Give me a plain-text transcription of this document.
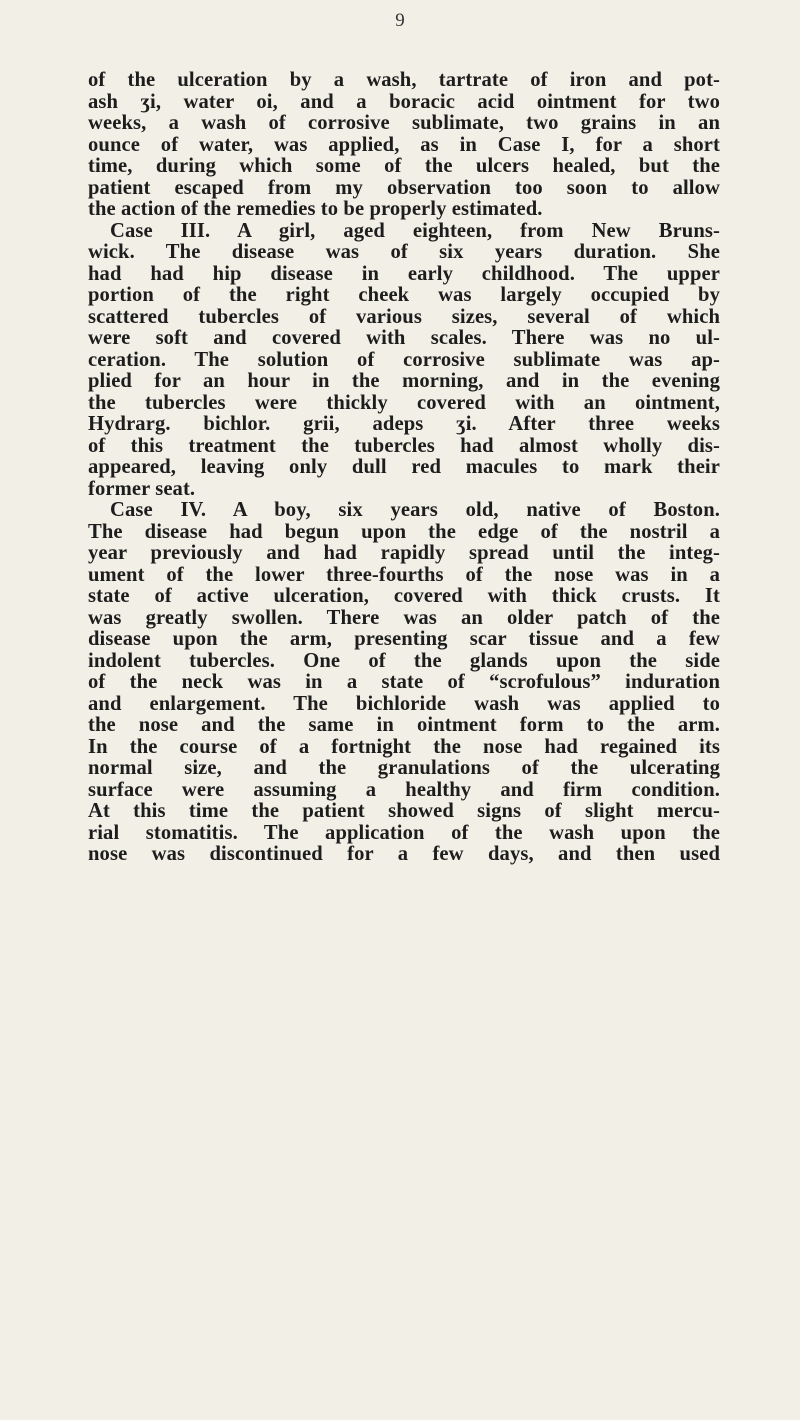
9
of the ulceration by a wash, tartrate of iron and pot-
ash ʒi, water oi, and a boracic acid ointment for two
weeks, a wash of corrosive sublimate, two grains in an
ounce of water, was applied, as in Case I, for a short
time, during which some of the ulcers healed, but the
patient escaped from my observation too soon to allow
the action of the remedies to be properly estimated.
Case III. A girl, aged eighteen, from New Bruns-
wick. The disease was of six years duration. She
had had hip disease in early childhood. The upper
portion of the right cheek was largely occupied by
scattered tubercles of various sizes, several of which
were soft and covered with scales. There was no ul-
ceration. The solution of corrosive sublimate was ap-
plied for an hour in the morning, and in the evening
the tubercles were thickly covered with an ointment,
Hydrarg. bichlor. grii, adeps ʒi. After three weeks
of this treatment the tubercles had almost wholly dis-
appeared, leaving only dull red macules to mark their
former seat.
Case IV. A boy, six years old, native of Boston.
The disease had begun upon the edge of the nostril a
year previously and had rapidly spread until the integ-
ument of the lower three-fourths of the nose was in a
state of active ulceration, covered with thick crusts. It
was greatly swollen. There was an older patch of the
disease upon the arm, presenting scar tissue and a few
indolent tubercles. One of the glands upon the side
of the neck was in a state of “scrofulous” induration
and enlargement. The bichloride wash was applied to
the nose and the same in ointment form to the arm.
In the course of a fortnight the nose had regained its
normal size, and the granulations of the ulcerating
surface were assuming a healthy and firm condition.
At this time the patient showed signs of slight mercu-
rial stomatitis. The application of the wash upon the
nose was discontinued for a few days, and then used
